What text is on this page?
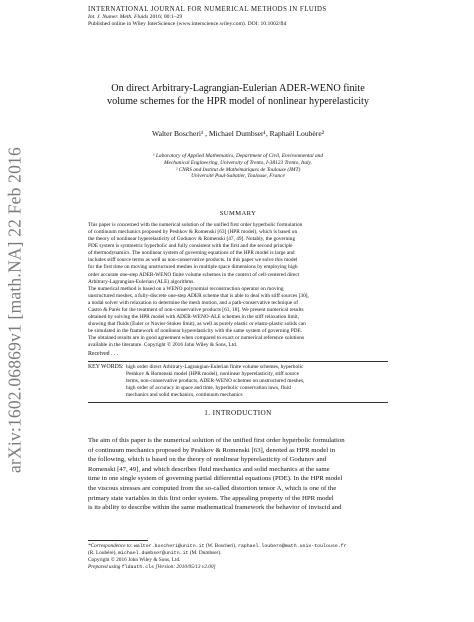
arXiv:1602.06869v1 [math.NA] 22 Feb 2016
INTERNATIONAL JOURNAL FOR NUMERICAL METHODS IN FLUIDS
Int. J. Numer. Meth. Fluids 2016; 00:1–29
Published online in Wiley InterScience (www.interscience.wiley.com). DOI: 10.1002/fld
On direct Arbitrary-Lagrangian-Eulerian ADER-WENO finite
volume schemes for the HPR model of nonlinear hyperelasticity
Walter Boscheri¹ , Michael Dumbser¹, Raphaël Loubère²
¹ Laboratory of Applied Mathematics, Department of Civil, Environmental and
Mechanical Engineering, University of Trento, I-38123 Trento, Italy.
² CNRS and Institut de Mathématiques de Toulouse (IMT)
Université Paul-Sabatier, Toulouse, France
SUMMARY

This paper is concerned with the numerical solution of the unified first order hyperbolic formulation

of continuum mechanics proposed by Peshkov & Romenski [63] (HPR model), which is based on

the theory of nonlinear hyperelasticity of Godunov & Romenski [47, 49]. Notably, the governing

PDE system is symmetric hyperbolic and fully consistent with the first and the second principle

of thermodynamics. The nonlinear system of governing equations of the HPR model is large and

includes stiff source terms as well as non-conservative products. In this paper we solve this model

for the first time on moving unstructured meshes in multiple space dimensions by employing high

order accurate one-step ADER-WENO finite volume schemes in the context of cell-centered direct

Arbitrary-Lagrangian-Eulerian (ALE) algorithms.

The numerical method is based on a WENO polynomial reconstruction operator on moving

unstructured meshes, a fully-discrete one-step ADER scheme that is able to deal with stiff sources [30],

a nodal solver with relaxation to determine the mesh motion, and a path-conservative technique of

Castro & Parés for the treatment of non-conservative products [61, 18]. We present numerical results

obtained by solving the HPR model with ADER-WENO-ALE schemes in the stiff relaxation limit,

showing that fluids (Euler or Navier-Stokes limit), as well as purely elastic or elasto-plastic solids can

be simulated in the framework of nonlinear hyperelasticity with the same system of governing PDE.

The obtained results are in good agreement when compared to exact or numerical reference solutions

available in the literature. Copyright © 2016 John Wiley & Sons, Ltd.

Received . . .
KEY WORDS: high order direct Arbitrary-Lagrangian-Eulerian finite volume schemes, hyperbolic
Peshkov & Romenski model (HPR model), nonlinear hyperelasticity, stiff source
terms, non-conservative products, ADER-WENO schemes on unstructured meshes,
high order of accuracy in space and time, hyperbolic conservation laws, fluid
mechanics and solid mechanics, continuum mechanics
1. INTRODUCTION
The aim of this paper is the numerical solution of the unified first order hyperbolic formulation
of continuum mechanics proposed by Peshkov & Romenski [63], denoted as HPR model in
the following, which is based on the theory of nonlinear hyperelasticity of Godunov and
Romenski [47, 49], and which describes fluid mechanics and solid mechanics at the same
time in one single system of governing partial differential equations (PDE). In the HPR model
the viscous stresses are computed from the so-called distortion tensor A, which is one of the
primary state variables in this first order system. The appealing property of the HPR model
is its ability to describe within the same mathematical framework the behavior of inviscid and
*Correspondence to: walter.boscheri@unitn.it (W. Boscheri), raphael.loubere@math.univ-toulouse.fr
(R. Loubère), michael.dumbser@unitn.it (M. Dumbser).
Copyright © 2016 John Wiley & Sons, Ltd.
Prepared using fldauth.cls [Version: 2010/05/13 v2.00]
